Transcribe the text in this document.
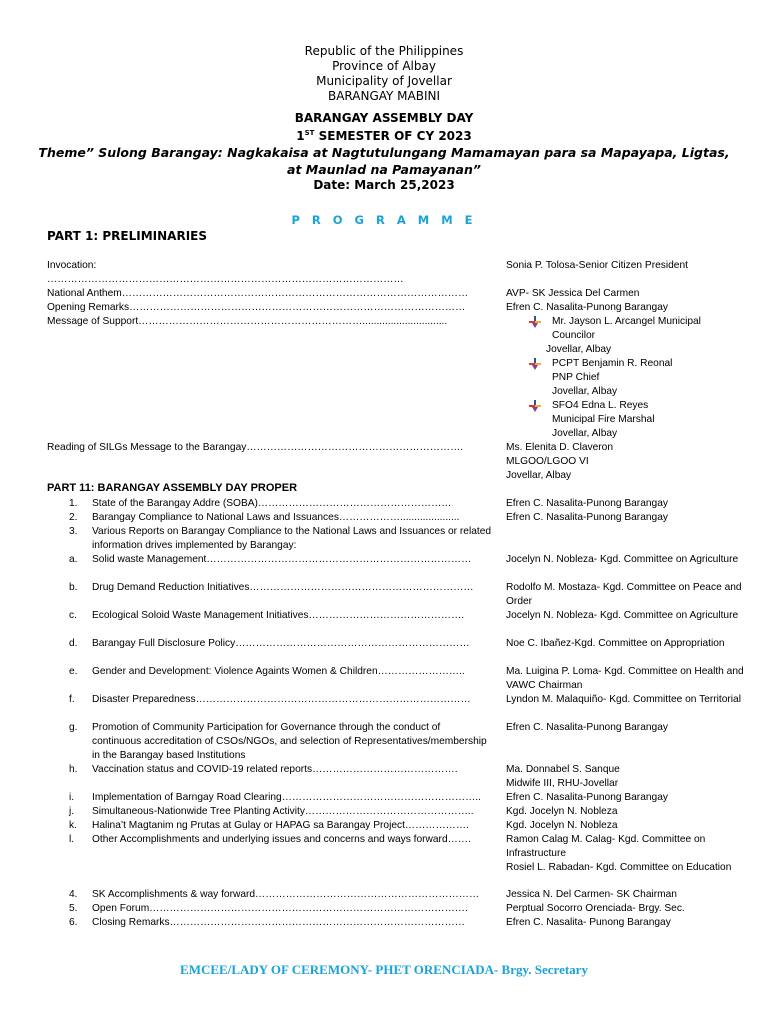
Republic of the Philippines
Province of Albay
Municipality of Jovellar
BARANGAY MABINI
BARANGAY ASSEMBLY DAY
1ST SEMESTER OF CY 2023
Theme” Sulong Barangay: Nagkakaisa at Nagtutulungang Mamamayan para sa Mapayapa, Ligtas, at Maunlad na Pamayanan”
Date: March 25,2023
P R O G R A M M E
PART 1: PRELIMINARIES
Invocation:	Sonia P. Tolosa-Senior Citizen President
……………………………………………………………………………………………
National Anthem…………………………………………………………………………………………	AVP- SK Jessica Del Carmen
Opening Remarks………………………………………………………………………………………	Efren C. Nasalita-Punong Barangay
Message of Support…………………………………………………………..............................	Mr. Jayson L. Arcangel Municipal
Councilor
Jovellar, Albay
PCPT Benjamin R. Reonal
PNP Chief
Jovellar, Albay
SFO4 Edna L. Reyes
Municipal Fire Marshal
Jovellar, Albay
Reading of SILGs Message to the Barangay……………………………………………………….	Ms. Elenita D. Claveron
MLGOO/LGOO VI
Jovellar, Albay
PART 11: BARANGAY ASSEMBLY DAY PROPER
1. State of the Barangay Addre (SOBA)…………………………………………………	Efren C. Nasalita-Punong Barangay
2. Barangay Compliance to National Laws and Issuances……………….....................	Efren C. Nasalita-Punong Barangay
3. Various Reports on Barangay Compliance to the National Laws and Issuances or related information drives implemented by Barangay:
a. Solid waste Management……………………………………………………………………	Jocelyn N. Nobleza- Kgd. Committee on Agriculture
b. Drug Demand Reduction Initiatives…………………………………………………………	Rodolfo M. Mostaza- Kgd. Committee on Peace and Order
c. Ecological Soloid Waste Management Initiatives……………………………………….	Jocelyn N. Nobleza- Kgd. Committee on Agriculture
d. Barangay Full Disclosure Policy……………………………………………………………	Noe C. Ibañez-Kgd. Committee on Appropriation
e. Gender and Development: Violence Againts Women & Children……………………..	Ma. Luigina P. Loma- Kgd. Committee on Health and VAWC Chairman
f. Disaster Preparedness………………………………………………………………………	Lyndon M. Malaquiño- Kgd. Committee on Territorial
g. Promotion of Community Participation for Governance through the conduct of continuous accreditation of CSOs/NGOs, and selection of Representatives/membership in the Barangay based Institutions
Efren C. Nasalita-Punong Barangay
h. Vaccination status and COVID-19 related reports…………………………………….	Ma. Donnabel S. Sanque Midwife III, RHU-Jovellar
i. Implementation of Barngay Road Clearing…………………………………………………..	Efren C. Nasalita-Punong Barangay
j. Simultaneous-Nationwide Tree Planting Activity…………………………………………..	Kgd. Jocelyn N. Nobleza
k. Halina’t Magtanim ng Prutas at Gulay or HAPAG sa Barangay Project……………….	Kgd. Jocelyn N. Nobleza
l. Other Accomplishments and underlying issues and concerns and ways forward…….	Ramon Calag M. Calag- Kgd. Committee on Infrastructure
Rosiel L. Rabadan- Kgd. Committee on Education
4. SK Accomplishments & way forward…………………………………………………………	Jessica N. Del Carmen- SK Chairman
5. Open Forum………………………………………………………………………………….	Perptual Socorro Orenciada- Brgy. Sec.
6. Closing Remarks……………………………………………………………………………	Efren C. Nasalita- Punong Barangay
EMCEE/LADY OF CEREMONY- PHET ORENCIADA- Brgy. Secretary
